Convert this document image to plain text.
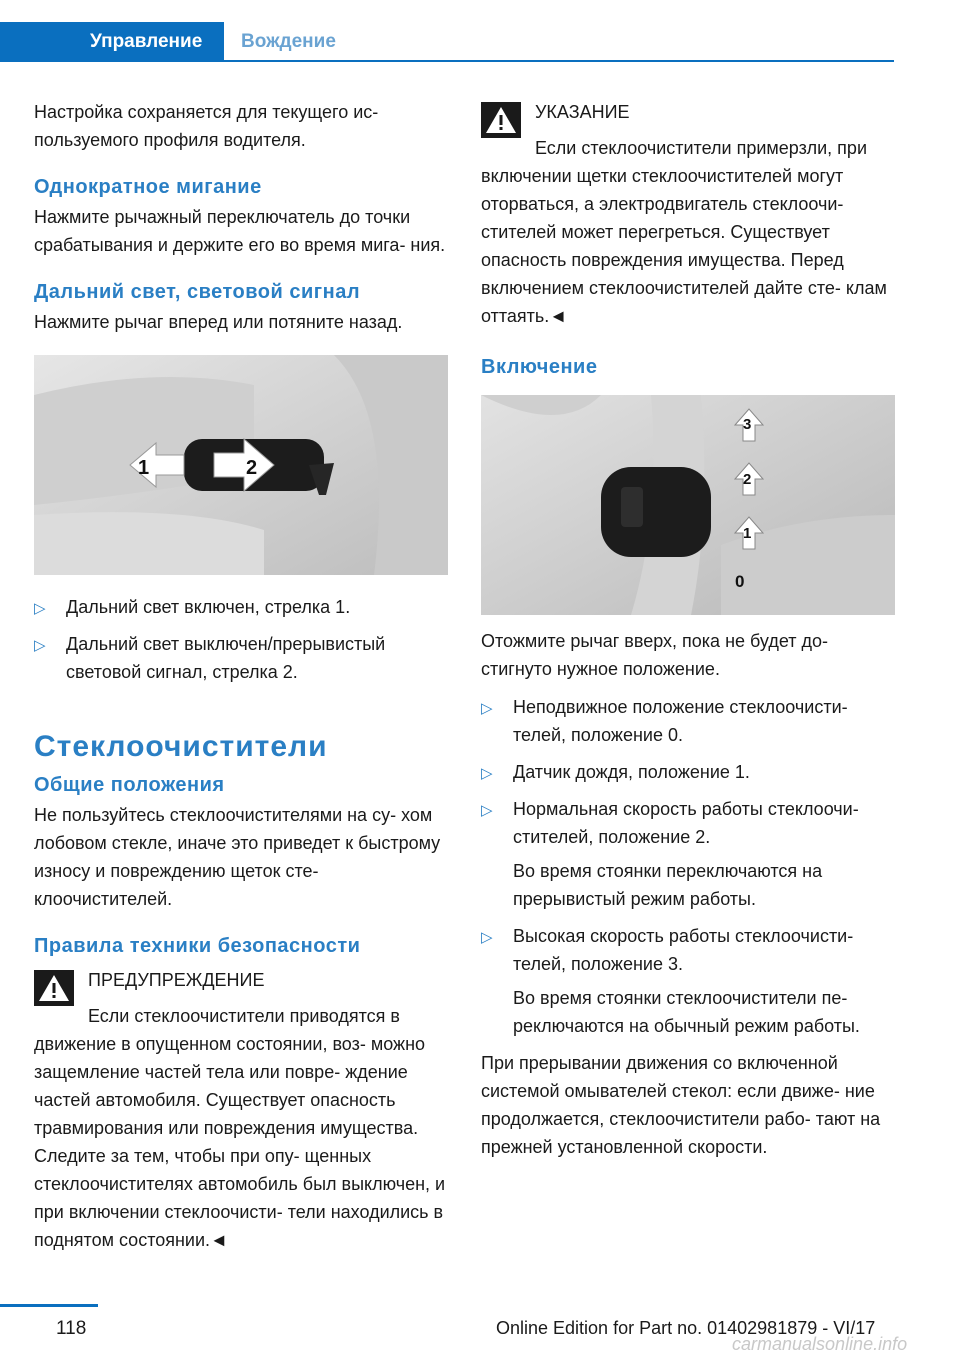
Управление	Вождение

Настройка сохраняется для текущего ис‐ пользуемого профиля водителя.

Однократное мигание

Нажмите рычажный переключатель до точки срабатывания и держите его во время мига‐ ния.

Дальний свет, световой сигнал

Нажмите рычаг вперед или потяните назад.

1	2
▷ Дальний свет включен, стрелка 1.
▷ Дальний свет выключен/прерывистый световой сигнал, стрелка 2.
Стеклоочистители
Общие положения

Не пользуйтесь стеклоочистителями на су‐ хом лобовом стекле, иначе это приведет к быстрому износу и повреждению щеток сте‐ клоочистителей.

Правила техники безопасности
ПРЕДУПРЕЖДЕНИЕ

Если стеклоочистители приводятся в движение в опущенном состоянии, воз‐ можно защемление частей тела или повре‐ ждение частей автомобиля. Существует опасность травмирования или повреждения имущества. Следите за тем, чтобы при опу‐ щенных стеклоочистителях автомобиль был выключен, и при включении стеклоочисти‐ тели находились в поднятом состоянии.◄

УКАЗАНИЕ

Если стеклоочистители примерзли, при включении щетки стеклоочистителей могут оторваться, а электродвигатель стеклоочи‐ стителей может перегреться. Существует опасность повреждения имущества. Перед включением стеклоочистителей дайте сте‐ клам оттаять.◄

Включение
3
2
1
0

Отожмите рычаг вверх, пока не будет до‐ стигнуто нужное положение.

▷ Неподвижное положение стеклоочисти‐ телей, положение 0.
▷ Датчик дождя, положение 1.
▷ Нормальная скорость работы стеклоочи‐ стителей, положение 2.

Во время стоянки переключаются на прерывистый режим работы.

▷ Высокая скорость работы стеклоочисти‐ телей, положение 3.

Во время стоянки стеклоочистители пе‐ реключаются на обычный режим работы.

При прерывании движения со включенной системой омывателей стекол: если движе‐ ние продолжается, стеклоочистители рабо‐ тают на прежней установленной скорости.

118	Online Edition for Part no. 01402981879 - VI/17
carmanualsonline.info
